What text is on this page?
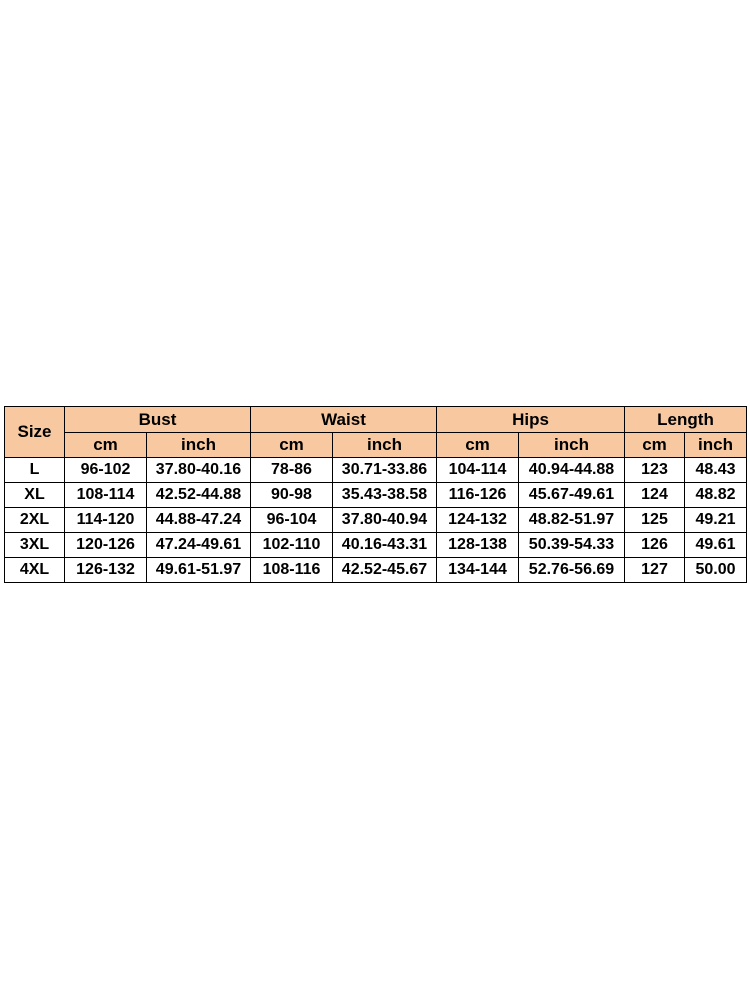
Size	Bust		Waist		Hips		Length	
	cm	inch	cm	inch	cm	inch	cm	inch
L	96-102	37.80-40.16	78-86	30.71-33.86	104-114	40.94-44.88	123	48.43
XL	108-114	42.52-44.88	90-98	35.43-38.58	116-126	45.67-49.61	124	48.82
2XL	114-120	44.88-47.24	96-104	37.80-40.94	124-132	48.82-51.97	125	49.21
3XL	120-126	47.24-49.61	102-110	40.16-43.31	128-138	50.39-54.33	126	49.61
4XL	126-132	49.61-51.97	108-116	42.52-45.67	134-144	52.76-56.69	127	50.00
